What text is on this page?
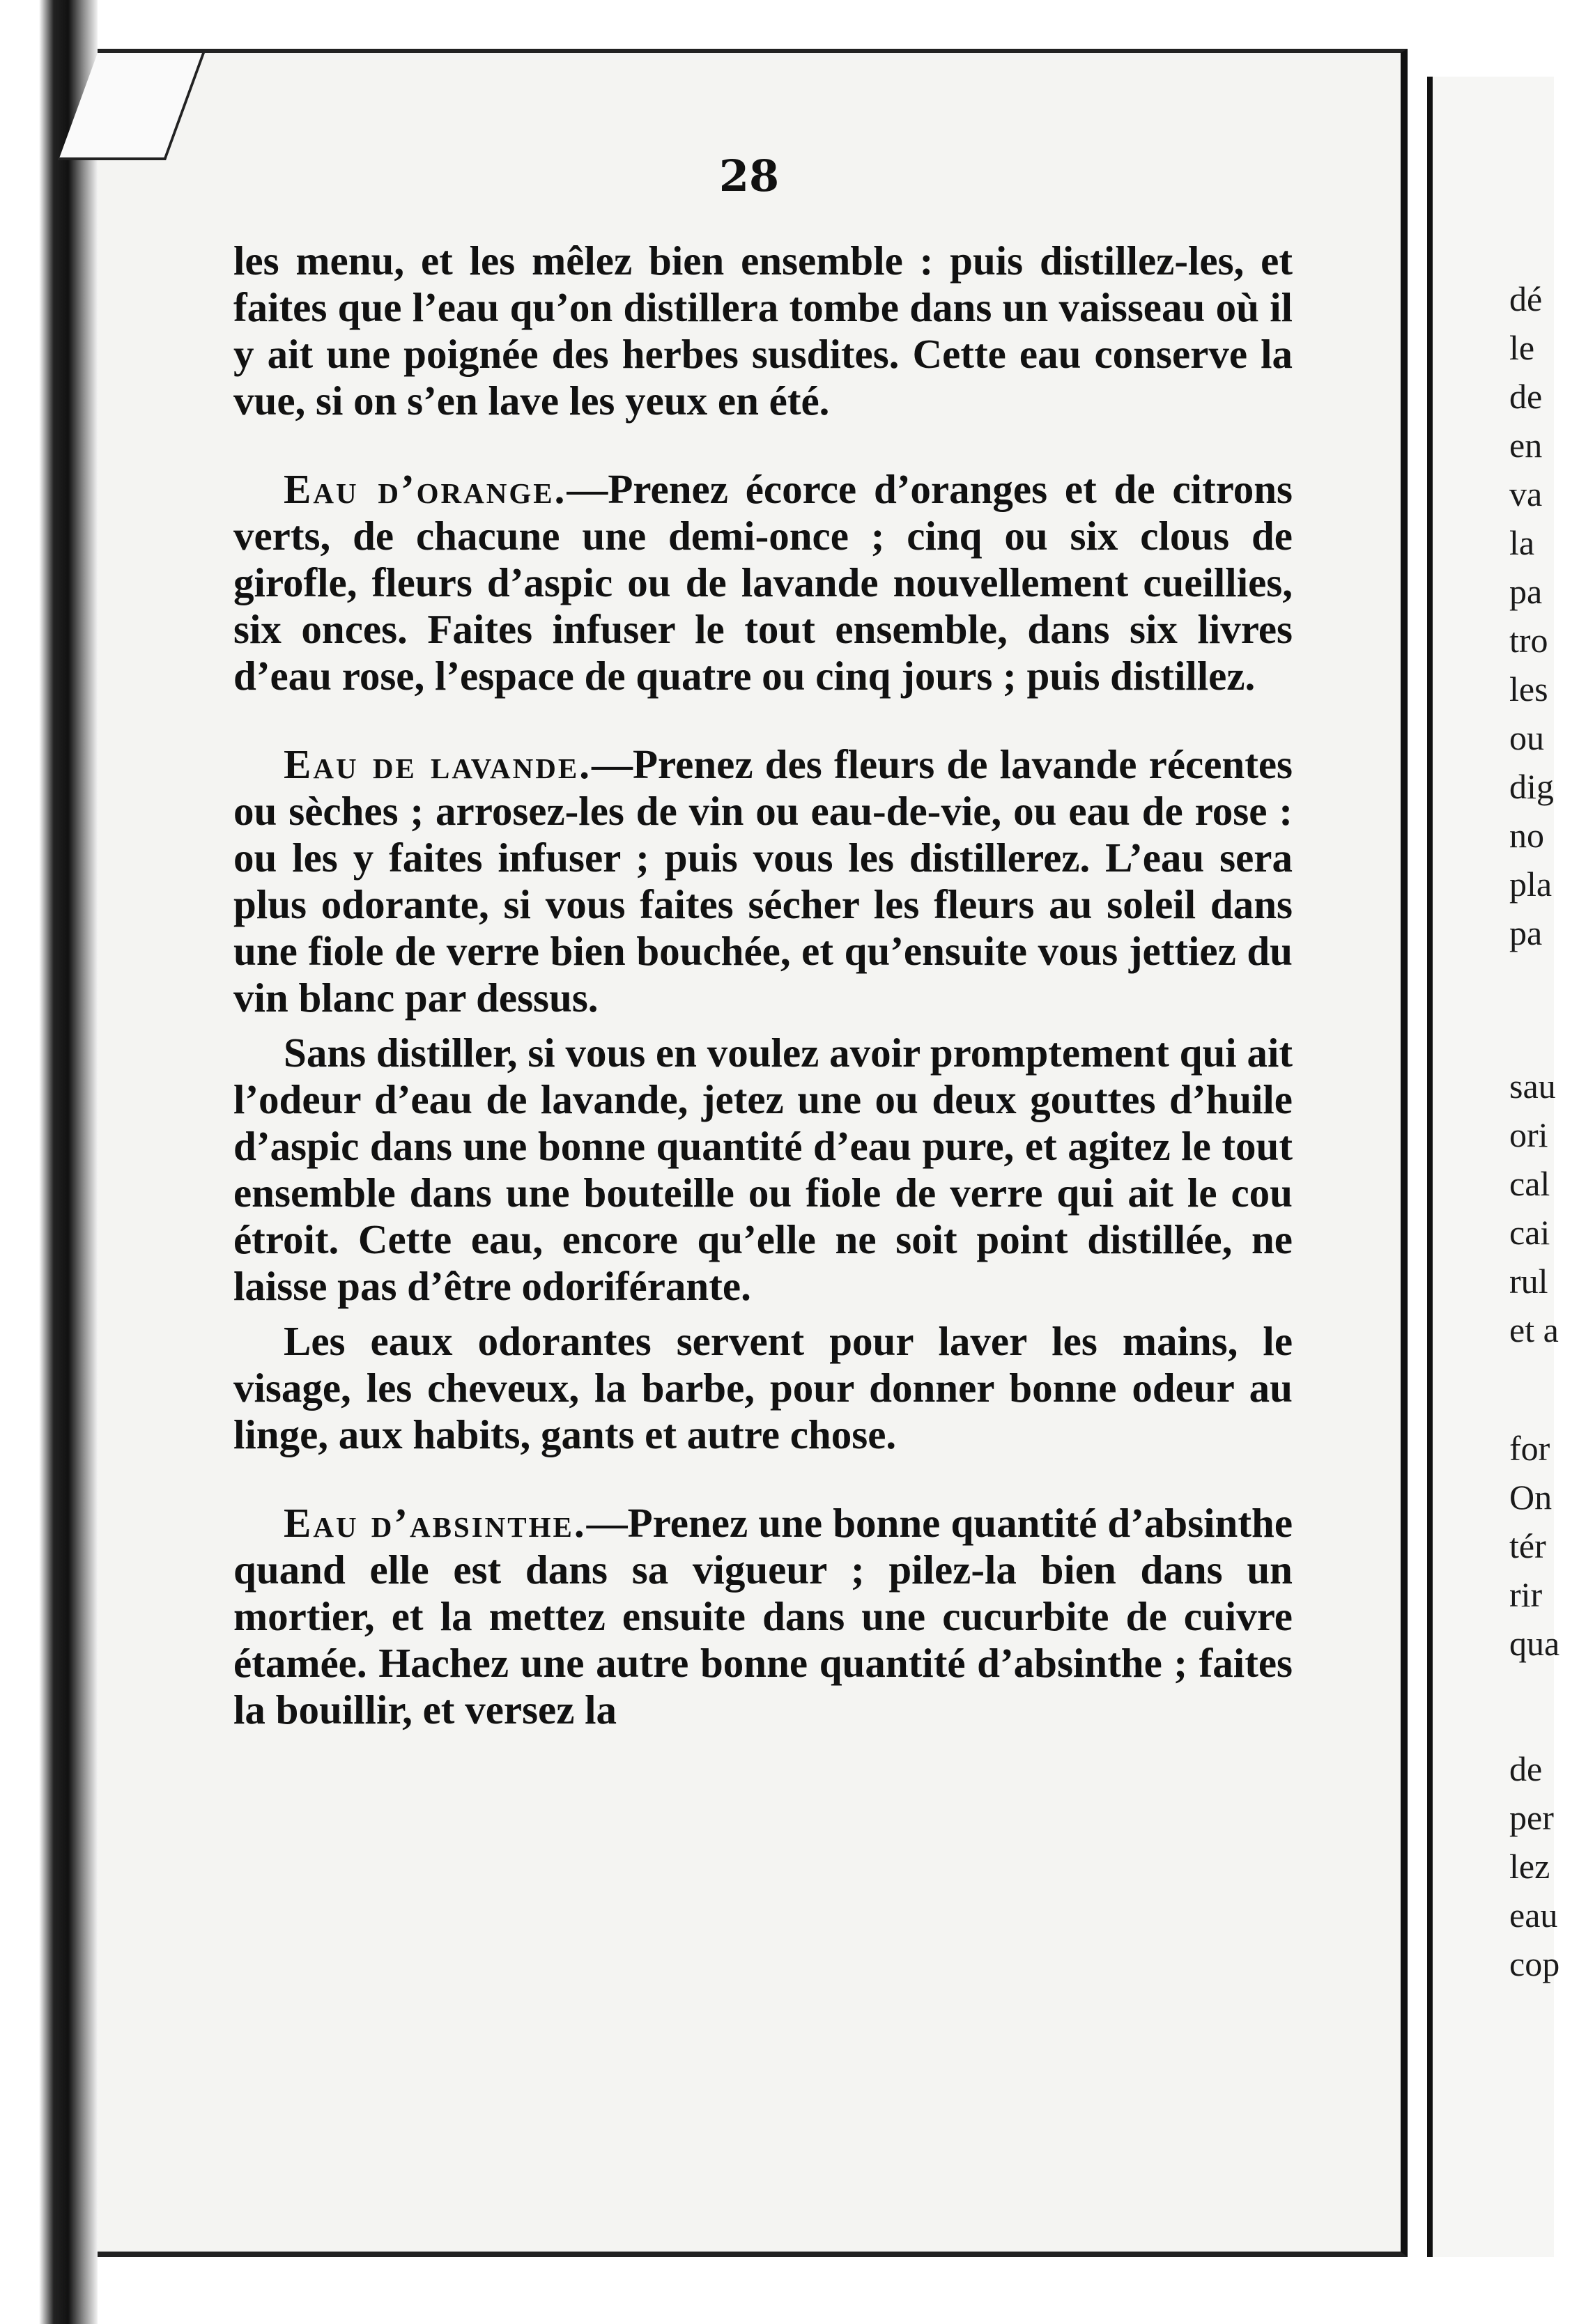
28

les menu, et les mêlez bien ensemble : puis distillez-les, et faites que l’eau qu’on distillera tombe dans un vaisseau où il y ait une poignée des herbes susdites. Cette eau conserve la vue, si on s’en lave les yeux en été.

Eau d’orange.—Prenez écorce d’oranges et de citrons verts, de chacune une demi-once ; cinq ou six clous de girofle, fleurs d’aspic ou de lavande nouvellement cueillies, six onces. Faites infuser le tout ensemble, dans six livres d’eau rose, l’espace de quatre ou cinq jours ; puis distillez.

Eau de lavande.—Prenez des fleurs de lavande récentes ou sèches ; arrosez-les de vin ou eau-de-vie, ou eau de rose : ou les y faites infuser ; puis vous les distillerez. L’eau sera plus odorante, si vous faites sécher les fleurs au soleil dans une fiole de verre bien bouchée, et qu’ensuite vous jettiez du vin blanc par dessus.

Sans distiller, si vous en voulez avoir promptement qui ait l’odeur d’eau de lavande, jetez une ou deux gouttes d’huile d’aspic dans une bonne quantité d’eau pure, et agitez le tout ensemble dans une bouteille ou fiole de verre qui ait le cou étroit. Cette eau, encore qu’elle ne soit point distillée, ne laisse pas d’être odoriférante.

Les eaux odorantes servent pour laver les mains, le visage, les cheveux, la barbe, pour donner bonne odeur au linge, aux habits, gants et autre chose.

Eau d’absinthe.—Prenez une bonne quantité d’absinthe quand elle est dans sa vigueur ; pilez-la bien dans un mortier, et la mettez ensuite dans une cucurbite de cuivre étamée. Hachez une autre bonne quantité d’absinthe ; faites la bouillir, et versez la

dé
le
de
en
va
la
pa
tro
les
ou
dig
no
pla
pa
sau
ori
cal
cai
rul
et a
for
On
tér
rir
qua
de
per
lez
eau
cop
